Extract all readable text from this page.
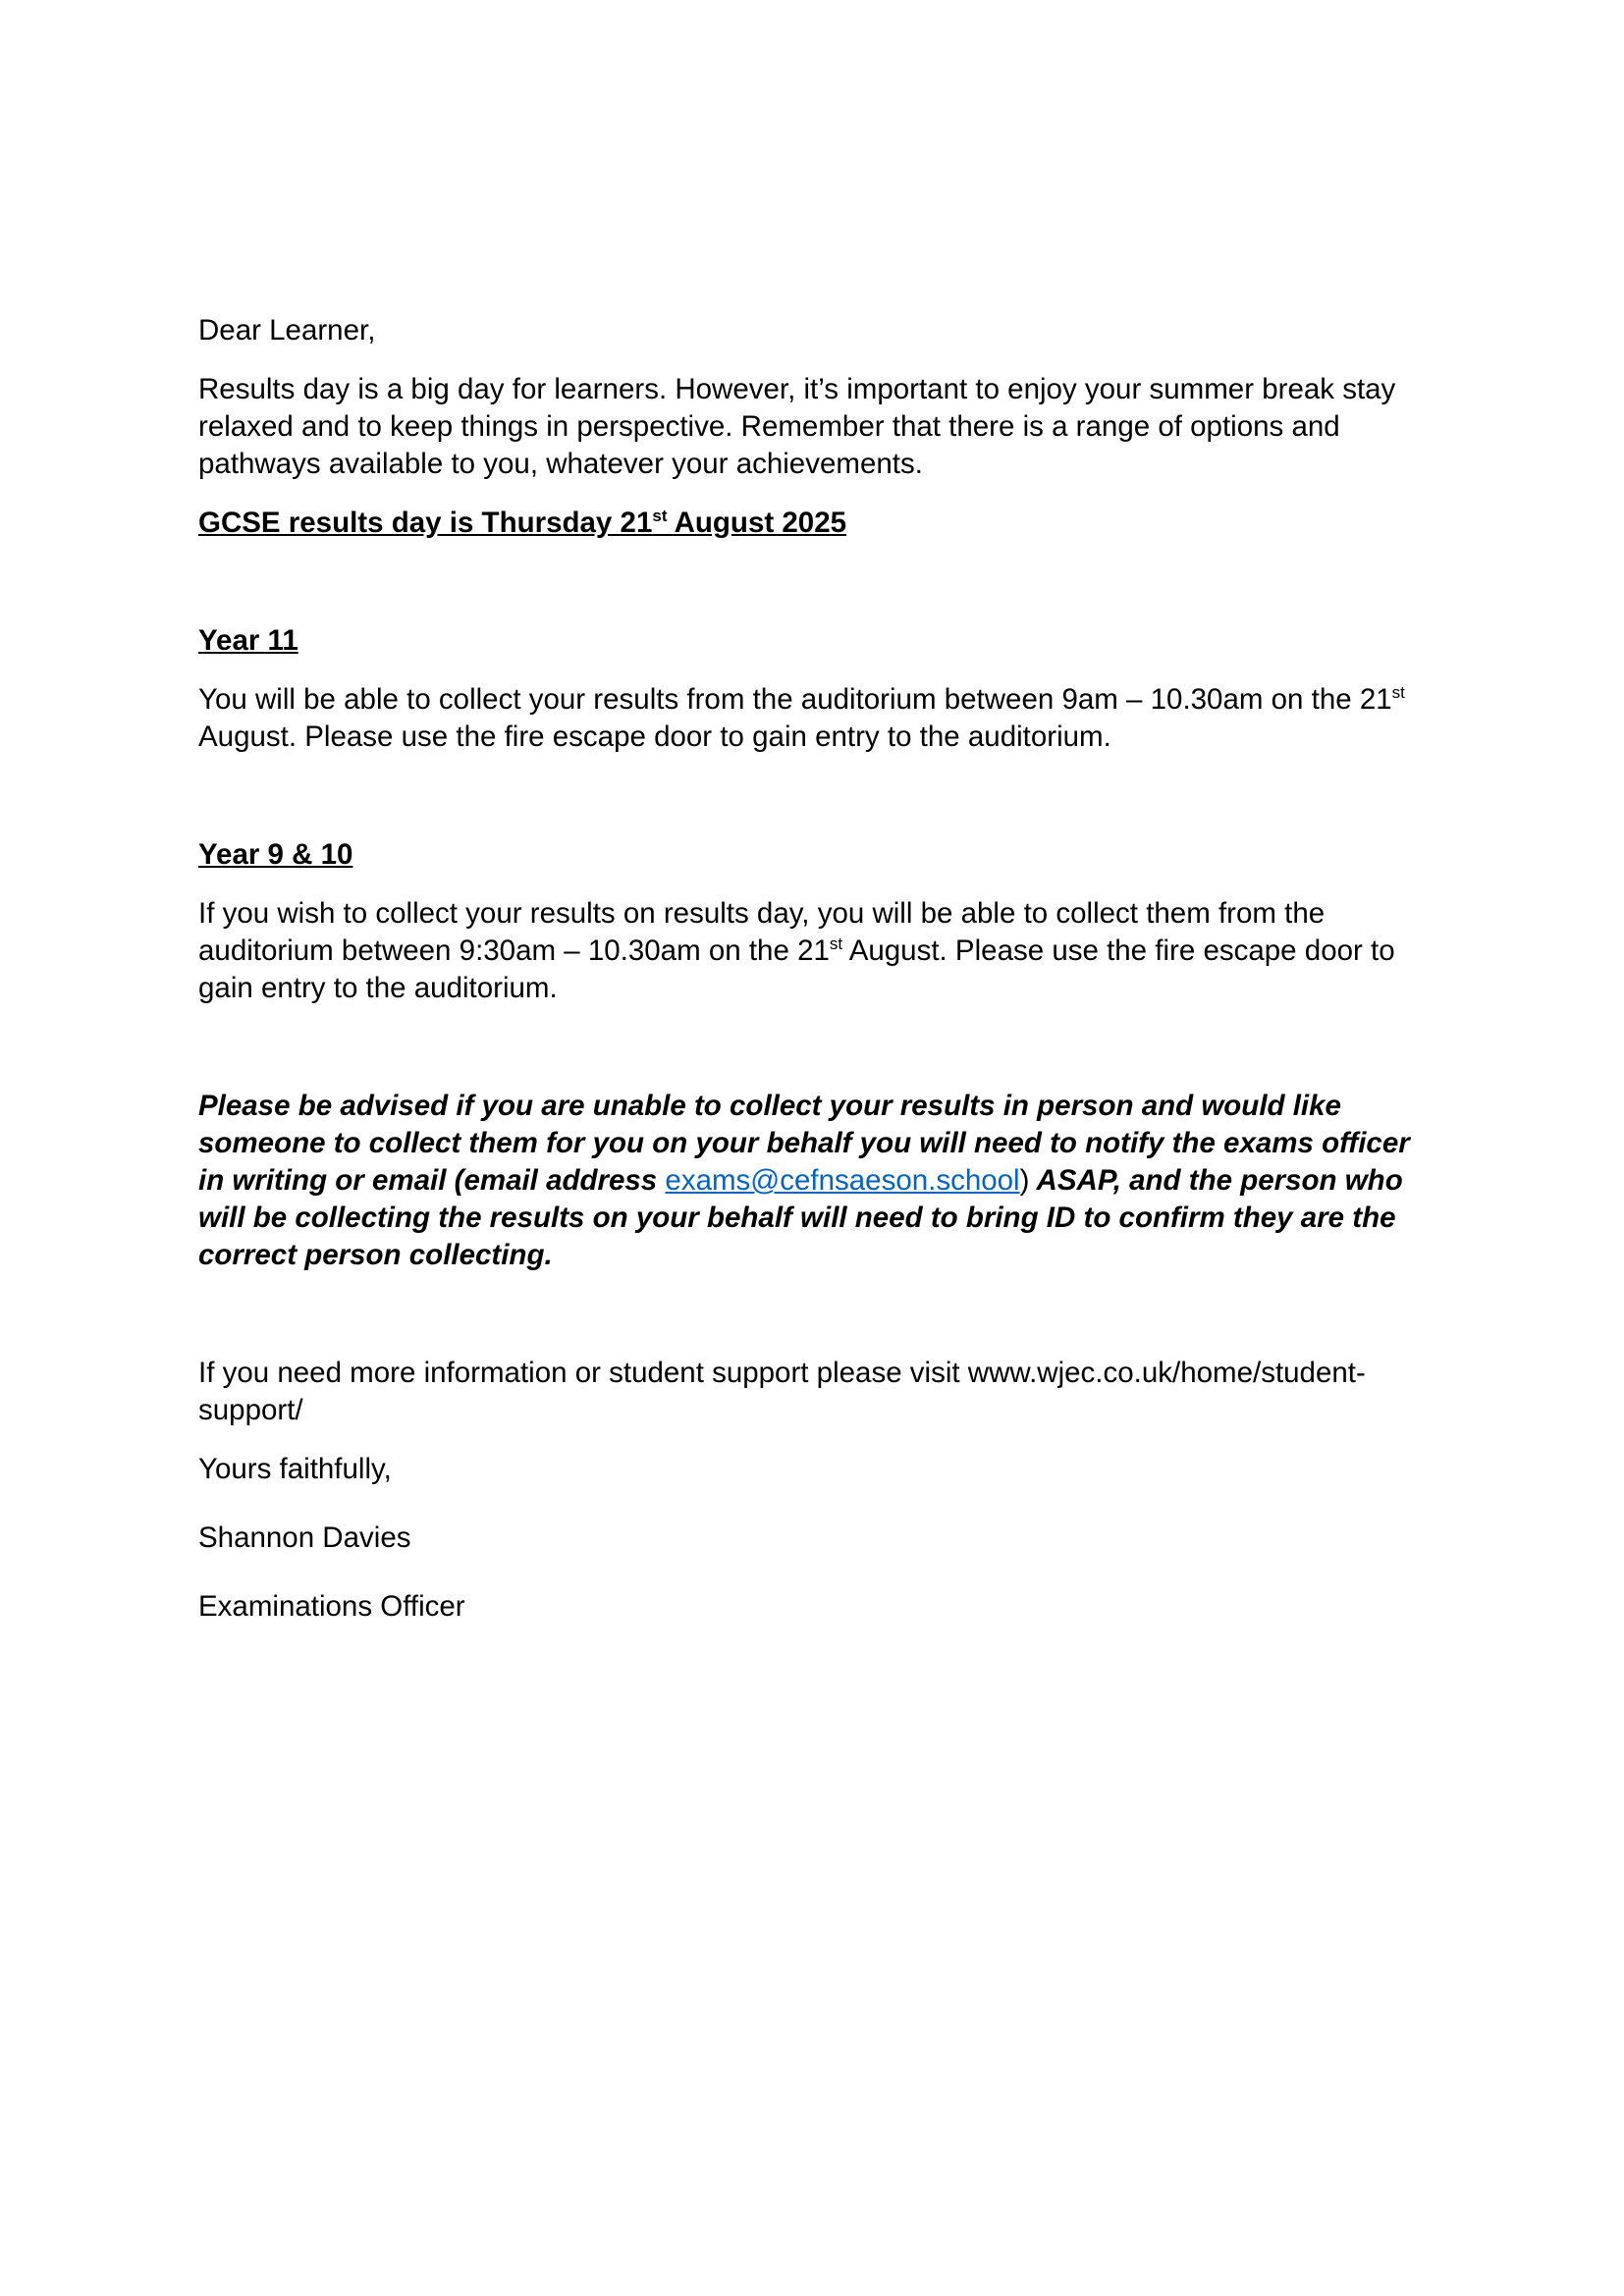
Dear Learner,

Results day is a big day for learners. However, it’s important to enjoy your summer break stay relaxed and to keep things in perspective. Remember that there is a range of options and pathways available to you, whatever your achievements.

GCSE results day is Thursday 21st August 2025

Year 11

You will be able to collect your results from the auditorium between 9am – 10.30am on the 21st August. Please use the fire escape door to gain entry to the auditorium.

Year 9 & 10

If you wish to collect your results on results day, you will be able to collect them from the auditorium between 9:30am – 10.30am on the 21st August. Please use the fire escape door to gain entry to the auditorium.

Please be advised if you are unable to collect your results in person and would like someone to collect them for you on your behalf you will need to notify the exams officer in writing or email (email address exams@cefnsaeson.school) ASAP, and the person who will be collecting the results on your behalf will need to bring ID to confirm they are the correct person collecting.

If you need more information or student support please visit www.wjec.co.uk/home/student-support/

Yours faithfully,

Shannon Davies

Examinations Officer
